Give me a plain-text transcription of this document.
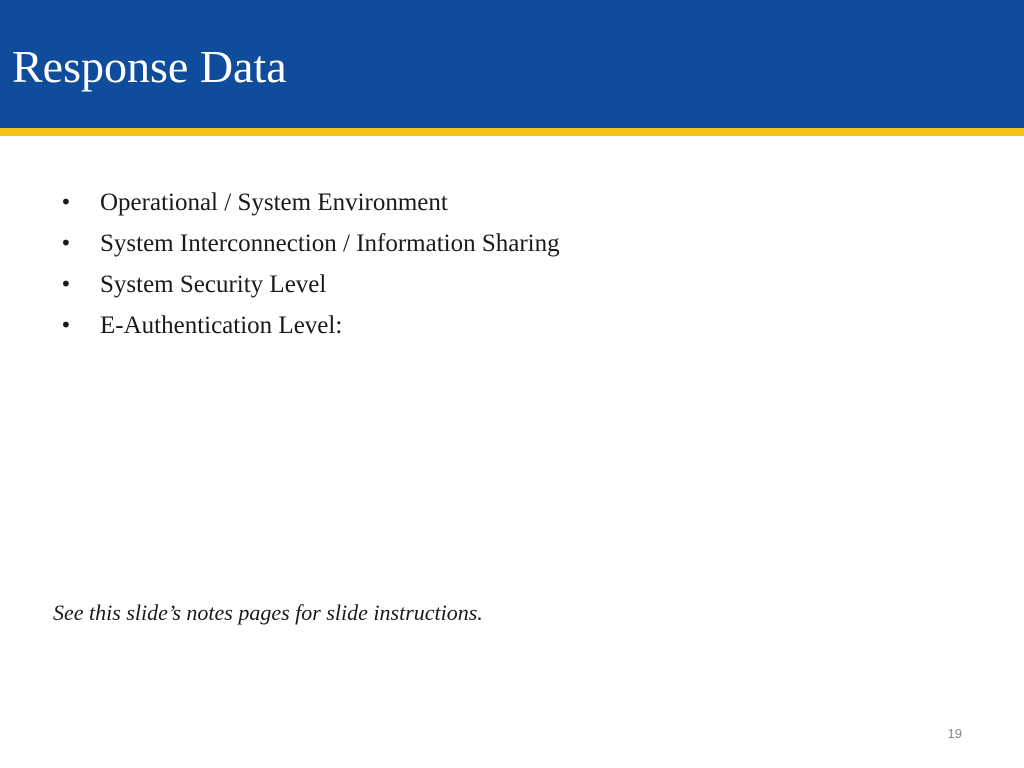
Response Data
•	Operational / System Environment
•	System Interconnection / Information Sharing
•	System Security Level
•	E-Authentication Level:

See this slide’s notes pages for slide instructions.

19
